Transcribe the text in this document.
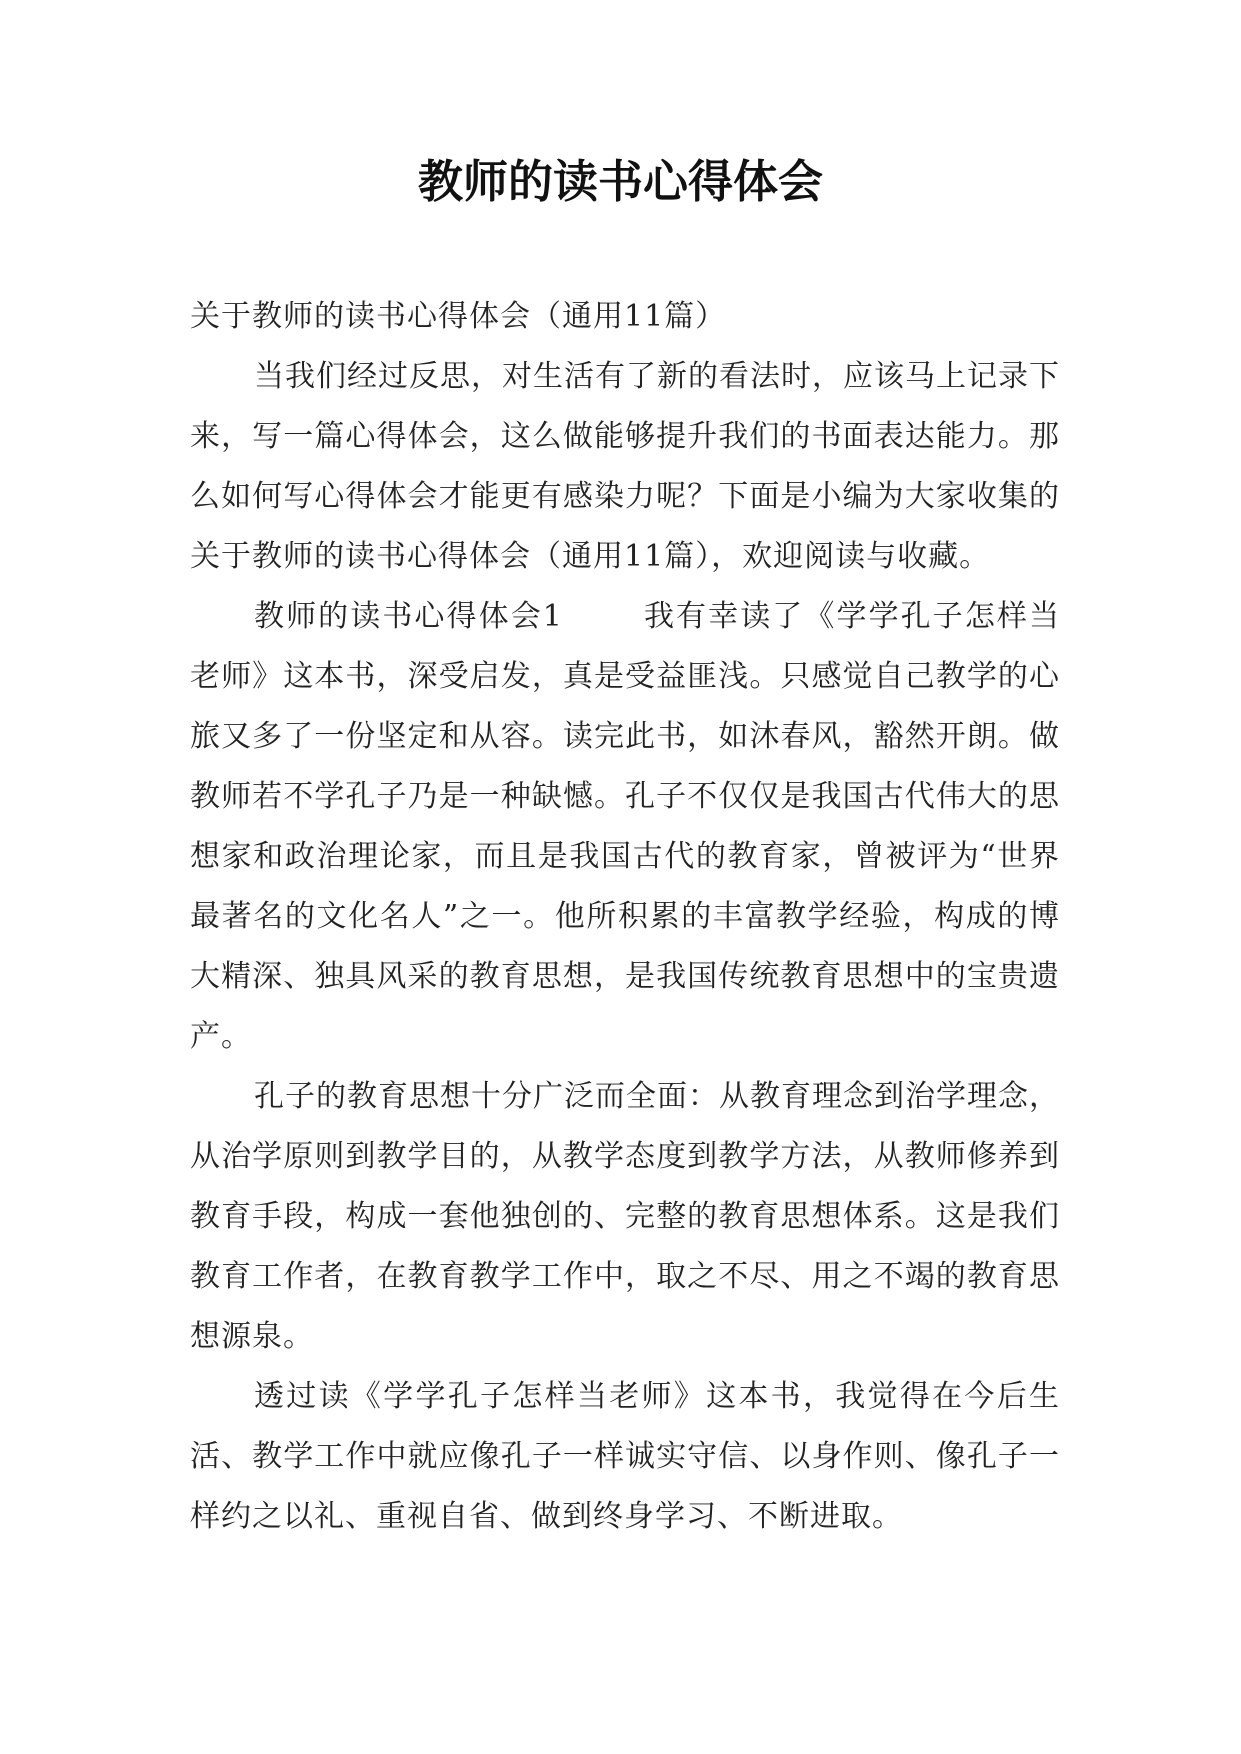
教师的读书心得体会

关于教师的读书心得体会（通用11篇）

当我们经过反思，对生活有了新的看法时，应该马上记录下来，写一篇心得体会，这么做能够提升我们的书面表达能力。那么如何写心得体会才能更有感染力呢？下面是小编为大家收集的关于教师的读书心得体会（通用11篇），欢迎阅读与收藏。

教师的读书心得体会1	我有幸读了《学学孔子怎样当老师》这本书，深受启发，真是受益匪浅。只感觉自己教学的心旅又多了一份坚定和从容。读完此书，如沐春风，豁然开朗。做教师若不学孔子乃是一种缺憾。孔子不仅仅是我国古代伟大的思想家和政治理论家，而且是我国古代的教育家，曾被评为“世界最著名的文化名人”之一。他所积累的丰富教学经验，构成的博大精深、独具风采的教育思想，是我国传统教育思想中的宝贵遗产。

孔子的教育思想十分广泛而全面：从教育理念到治学理念，从治学原则到教学目的，从教学态度到教学方法，从教师修养到教育手段，构成一套他独创的、完整的教育思想体系。这是我们教育工作者，在教育教学工作中，取之不尽、用之不竭的教育思想源泉。

透过读《学学孔子怎样当老师》这本书，我觉得在今后生活、教学工作中就应像孔子一样诚实守信、以身作则、像孔子一样约之以礼、重视自省、做到终身学习、不断进取。
